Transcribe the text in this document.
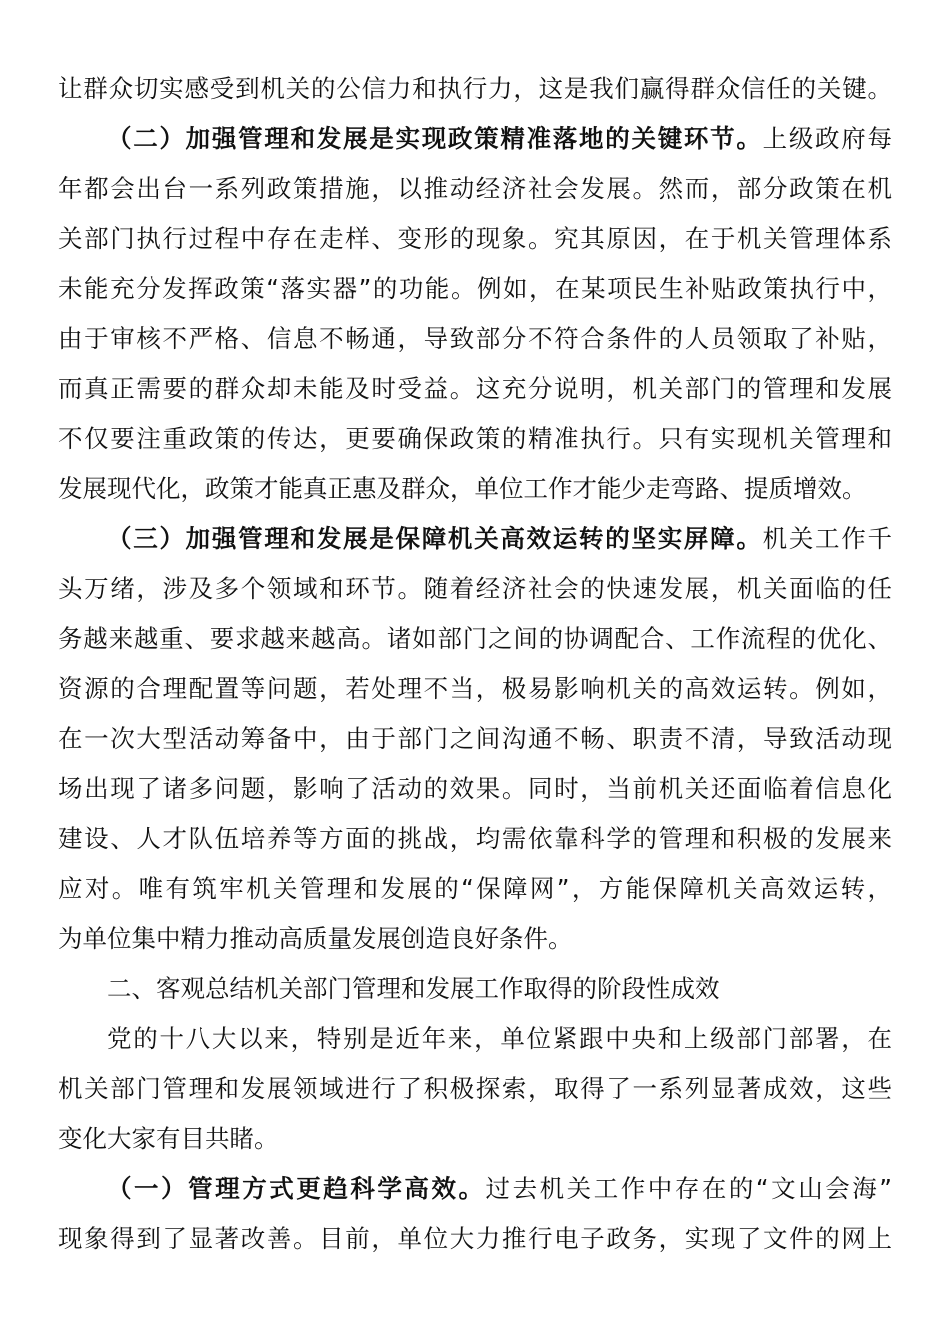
让群众切实感受到机关的公信力和执行力，这是我们赢得群众信任的关键。
（二）加强管理和发展是实现政策精准落地的关键环节。上级政府每
年都会出台一系列政策措施，以推动经济社会发展。然而，部分政策在机
关部门执行过程中存在走样、变形的现象。究其原因，在于机关管理体系
未能充分发挥政策“落实器”的功能。例如，在某项民生补贴政策执行中，
由于审核不严格、信息不畅通，导致部分不符合条件的人员领取了补贴，
而真正需要的群众却未能及时受益。这充分说明，机关部门的管理和发展
不仅要注重政策的传达，更要确保政策的精准执行。只有实现机关管理和
发展现代化，政策才能真正惠及群众，单位工作才能少走弯路、提质增效。
（三）加强管理和发展是保障机关高效运转的坚实屏障。机关工作千
头万绪，涉及多个领域和环节。随着经济社会的快速发展，机关面临的任
务越来越重、要求越来越高。诸如部门之间的协调配合、工作流程的优化、
资源的合理配置等问题，若处理不当，极易影响机关的高效运转。例如，
在一次大型活动筹备中，由于部门之间沟通不畅、职责不清，导致活动现
场出现了诸多问题，影响了活动的效果。同时，当前机关还面临着信息化
建设、人才队伍培养等方面的挑战，均需依靠科学的管理和积极的发展来
应对。唯有筑牢机关管理和发展的“保障网”，方能保障机关高效运转，
为单位集中精力推动高质量发展创造良好条件。
二、客观总结机关部门管理和发展工作取得的阶段性成效
党的十八大以来，特别是近年来，单位紧跟中央和上级部门部署，在
机关部门管理和发展领域进行了积极探索，取得了一系列显著成效，这些
变化大家有目共睹。
（一）管理方式更趋科学高效。过去机关工作中存在的“文山会海”
现象得到了显著改善。目前，单位大力推行电子政务，实现了文件的网上
